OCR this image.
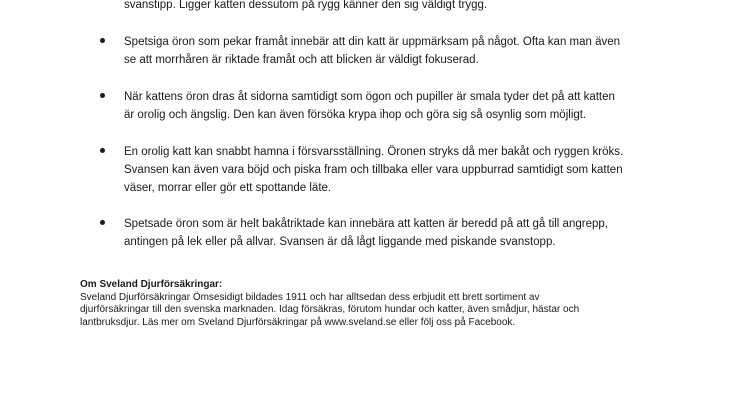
svanstipp. Ligger katten dessutom på rygg känner den sig väldigt trygg.
Spetsiga öron som pekar framåt innebär att din katt är uppmärksam på något. Ofta kan man även
se att morrhåren är riktade framåt och att blicken är väldigt fokuserad.
När kattens öron dras åt sidorna samtidigt som ögon och pupiller är smala tyder det på att katten
är orolig och ängslig. Den kan även försöka krypa ihop och göra sig så osynlig som möjligt.
En orolig katt kan snabbt hamna i försvarsställning. Öronen stryks då mer bakåt och ryggen kröks.
Svansen kan även vara böjd och piska fram och tillbaka eller vara uppburrad samtidigt som katten
väser, morrar eller gör ett spottande läte.
Spetsade öron som är helt bakåtriktade kan innebära att katten är beredd på att gå till angrepp,
antingen på lek eller på allvar. Svansen är då lågt liggande med piskande svanstopp.
Om Sveland Djurförsäkringar:
Sveland Djurförsäkringar Ömsesidigt bildades 1911 och har alltsedan dess erbjudit ett brett sortiment av
djurförsäkringar till den svenska marknaden. Idag försäkras, förutom hundar och katter, även smådjur, hästar och
lantbruksdjur. Läs mer om Sveland Djurförsäkringar på www.sveland.se eller följ oss på Facebook.
